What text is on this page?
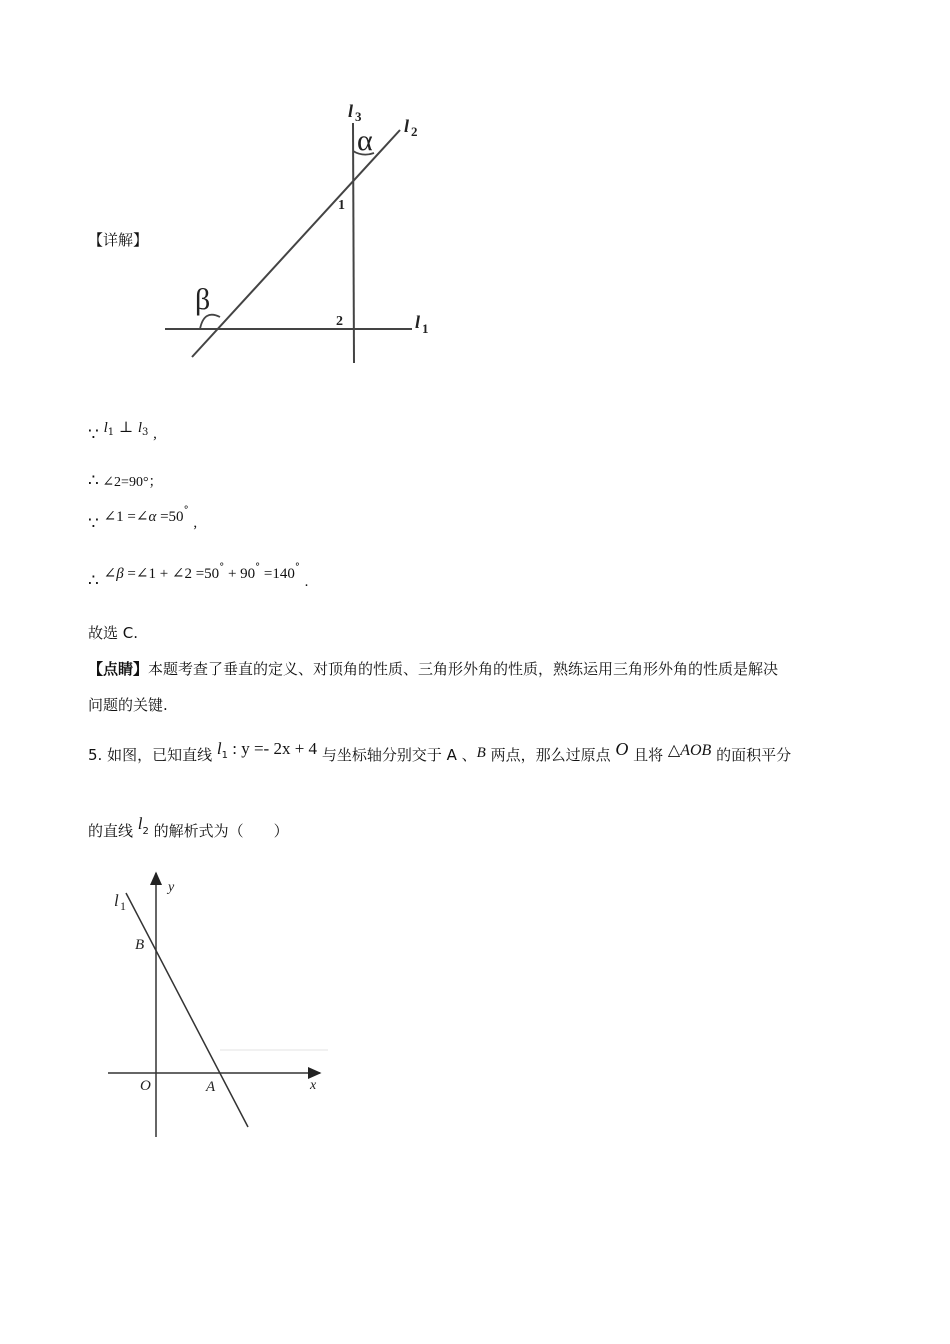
l 3 l 2
l 1
α
β
1
2
【详解】
∵ $l_1$ ⊥ $l_3$ ,
∴ ∠2=90°；
∵ ∠1 =∠α =50° ,
∴ ∠β =∠1 + ∠2 =50° + 90° =140° .
故选 C.
【点睛】本题考查了垂直的定义、对顶角的性质、三角形外角的性质，熟练运用三角形外角的性质是解决
问题的关键.
5. 如图，已知直线 $l^1$ : y =- 2x + 4 与坐标轴分别交于 A 、B 两点，那么过原点 O 且将 △AOB 的面积平分
的直线 $l^2$ 的解析式为（　　）
l 1
y
x
B
O	A
